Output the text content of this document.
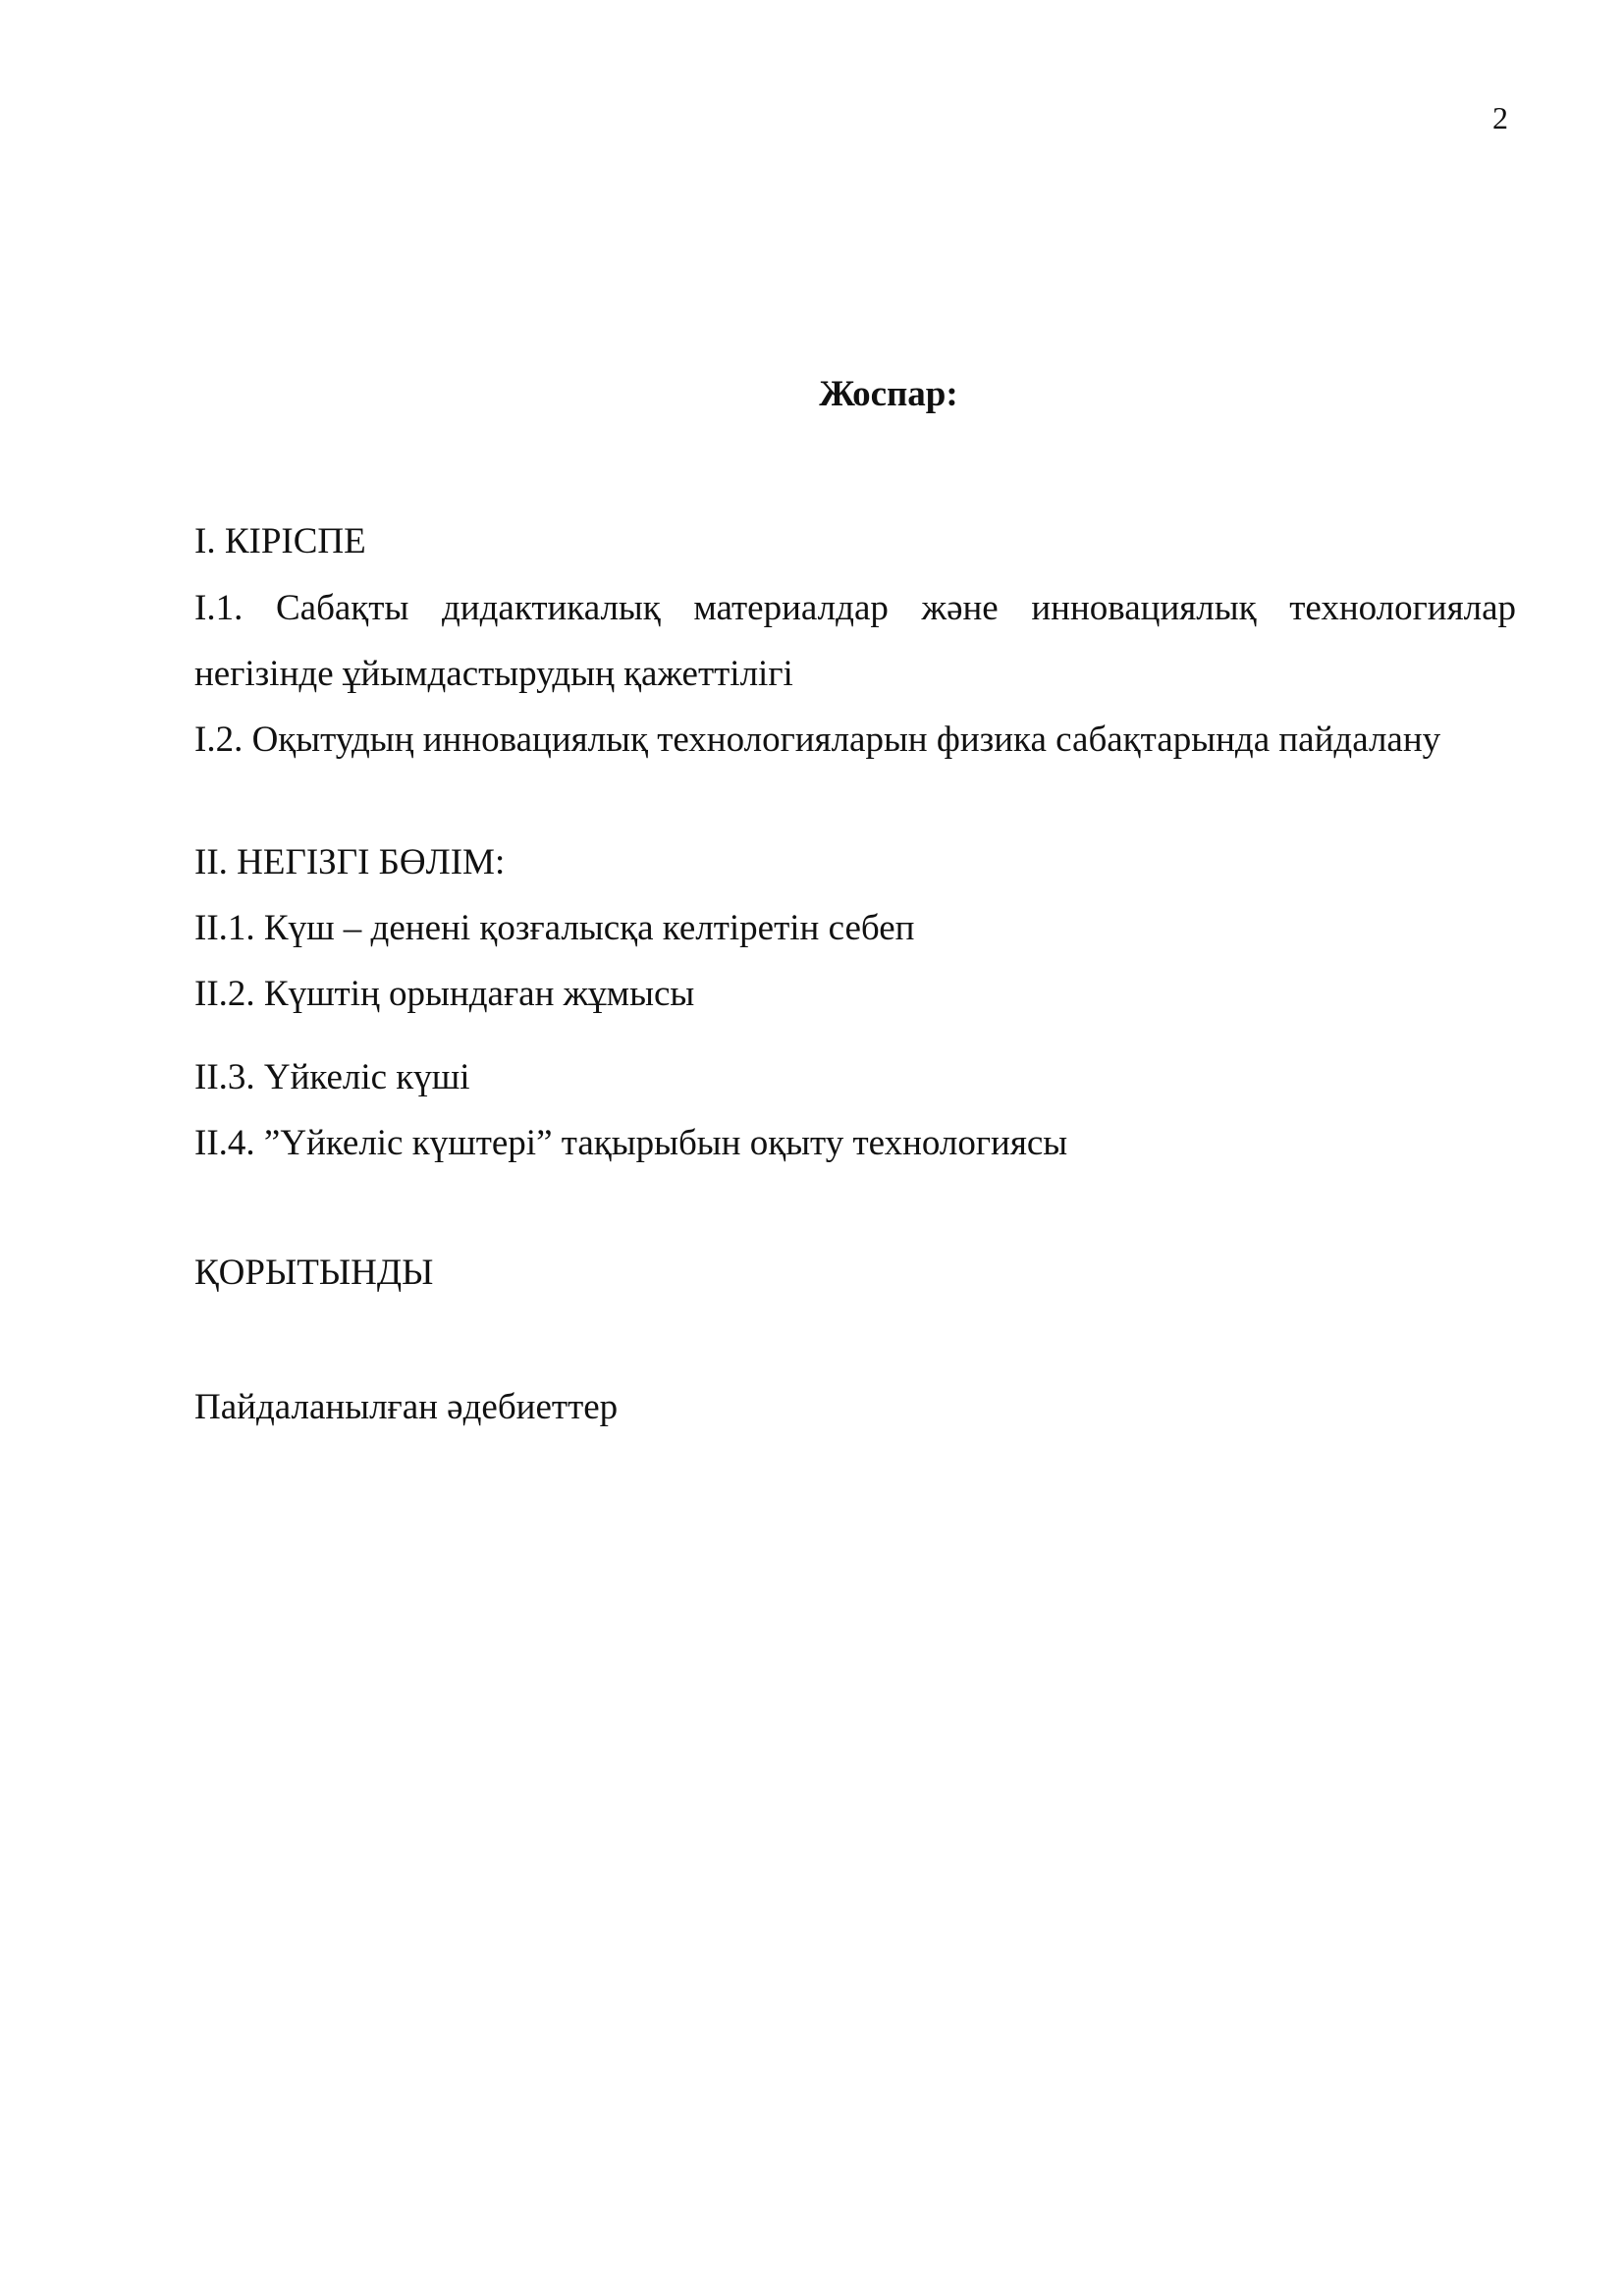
2
Жоспар:
I. КІРІСПЕ
I.1. Сабақты дидактикалық материалдар және инновациялық технологиялар
негізінде ұйымдастырудың қажеттілігі
I.2. Оқытудың инновациялық технологияларын физика сабақтарында пайдалану
II. НЕГІЗГІ БӨЛІМ:
II.1. Күш – денені қозғалысқа келтіретін себеп
II.2. Күштің орындаған жұмысы
II.3. Үйкеліс күші
II.4. ”Үйкеліс күштері” тақырыбын оқыту технологиясы
ҚОРЫТЫНДЫ
Пайдаланылған әдебиеттер
